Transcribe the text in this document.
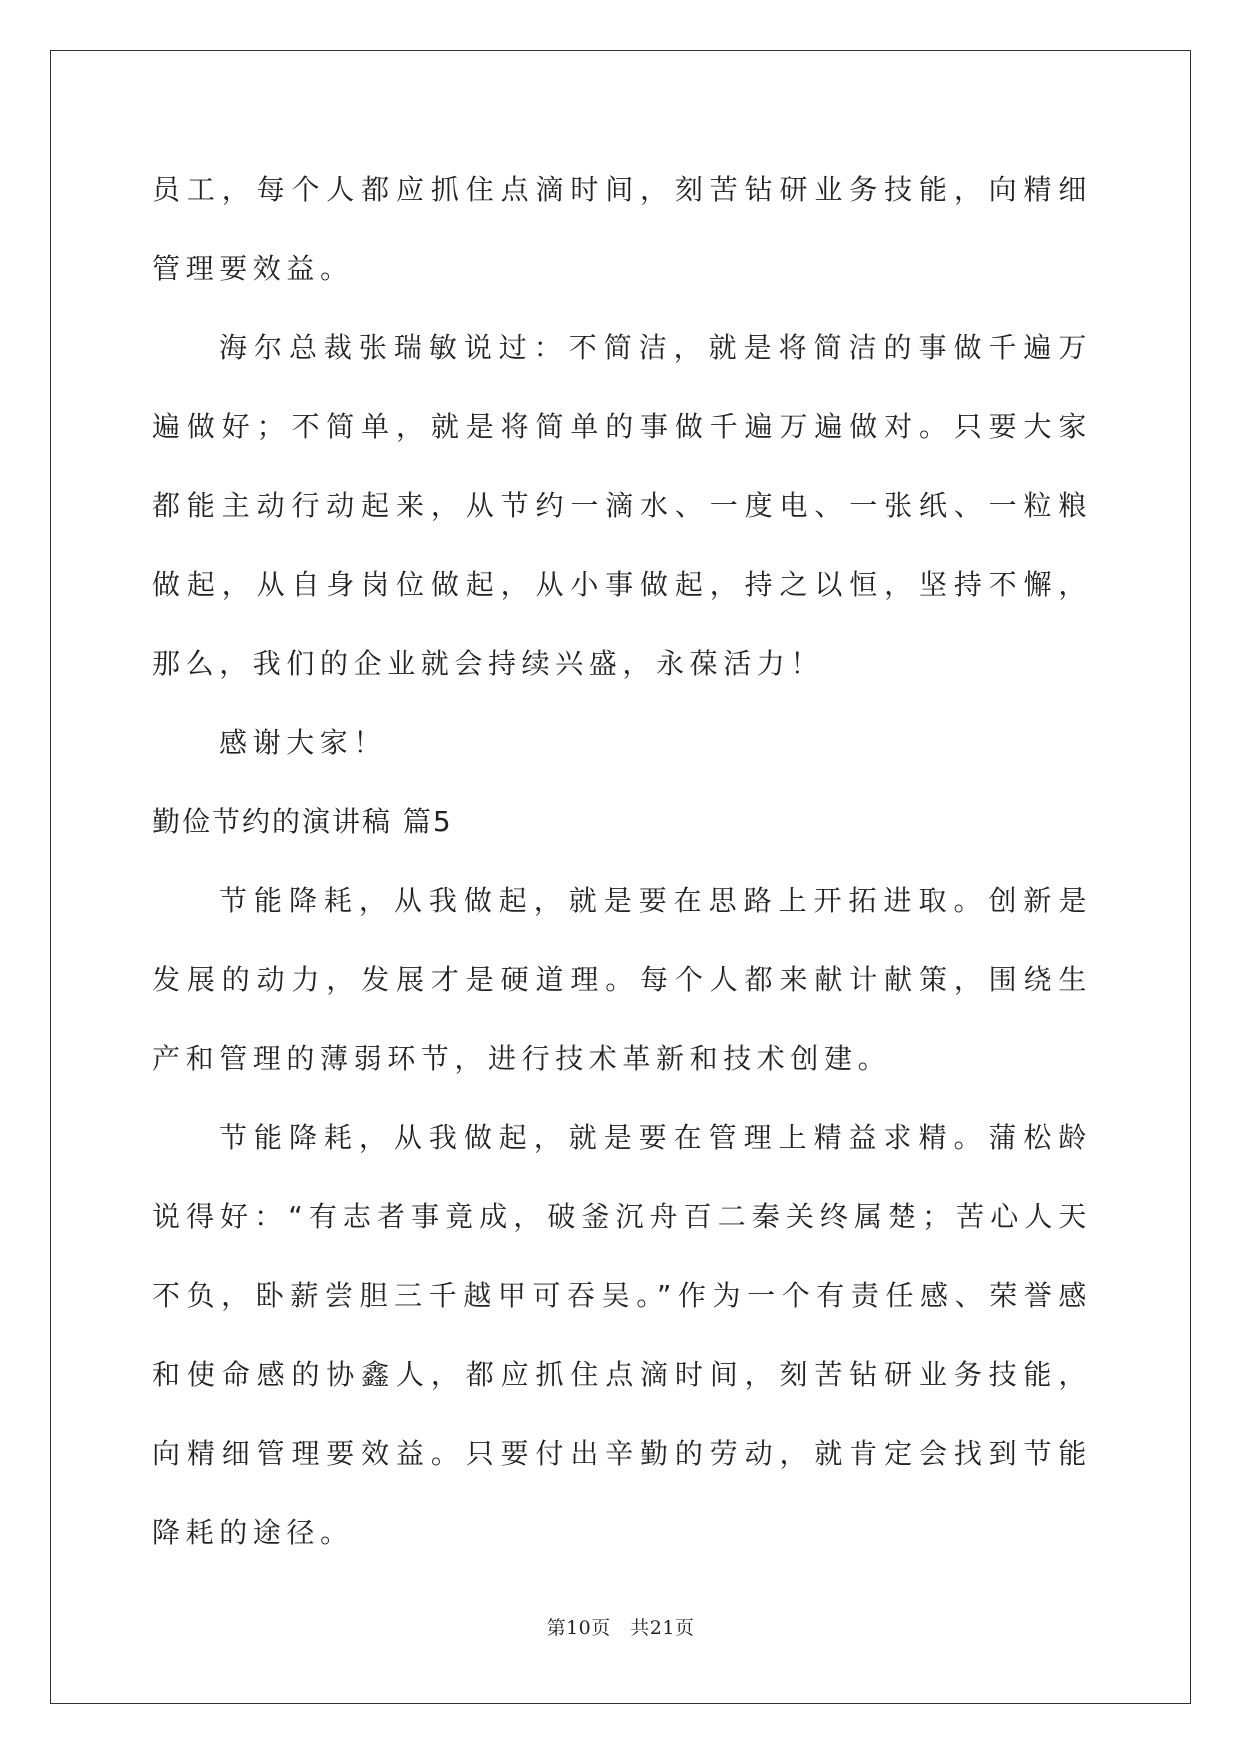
员工，每个人都应抓住点滴时间，刻苦钻研业务技能，向精细管理要效益。

海尔总裁张瑞敏说过：不简洁，就是将简洁的事做千遍万遍做好；不简单，就是将简单的事做千遍万遍做对。只要大家都能主动行动起来，从节约一滴水、一度电、一张纸、一粒粮做起，从自身岗位做起，从小事做起，持之以恒，坚持不懈，那么，我们的企业就会持续兴盛，永葆活力！

感谢大家！

勤俭节约的演讲稿 篇5

节能降耗，从我做起，就是要在思路上开拓进取。创新是发展的动力，发展才是硬道理。每个人都来献计献策，围绕生产和管理的薄弱环节，进行技术革新和技术创建。

节能降耗，从我做起，就是要在管理上精益求精。蒲松龄说得好：“有志者事竟成，破釜沉舟百二秦关终属楚；苦心人天不负，卧薪尝胆三千越甲可吞吴。”作为一个有责任感、荣誉感和使命感的协鑫人，都应抓住点滴时间，刻苦钻研业务技能，向精细管理要效益。只要付出辛勤的劳动，就肯定会找到节能降耗的途径。

第10页　共21页
